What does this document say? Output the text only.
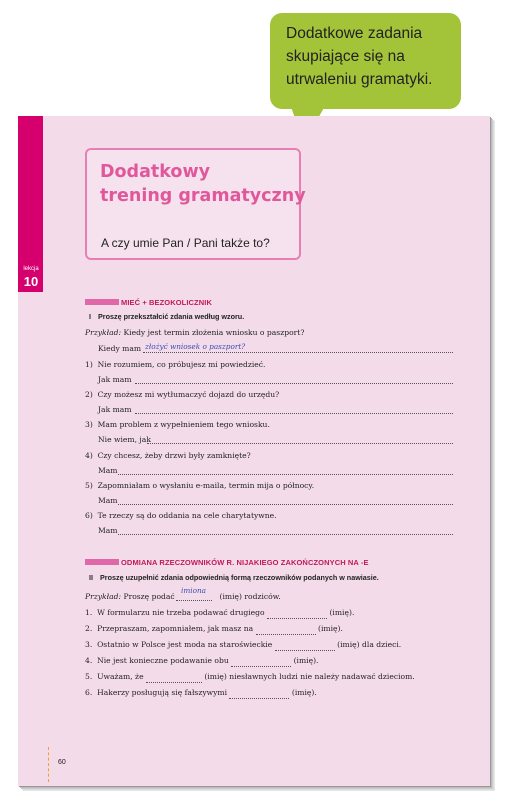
Dodatkowe zadania
skupiające się na
utrwaleniu gramatyki.
lekcja
10
Dodatkowy
trening gramatyczny
A czy umie Pan / Pani także to?
MIEĆ + BEZOKOLICZNIK
I Proszę przekształcić zdania według wzoru.
Przykład: Kiedy jest termin złożenia wniosku o paszport?
Kiedy mam złożyć wniosek o paszport?
1) Nie rozumiem, co próbujesz mi powiedzieć.
Jak mam
2) Czy możesz mi wytłumaczyć dojazd do urzędu?
Jak mam
3) Mam problem z wypełnieniem tego wniosku.
Nie wiem, jak
4) Czy chcesz, żeby drzwi były zamknięte?
Mam
5) Zapomniałam o wysłaniu e-maila, termin mija o północy.
Mam
6) Te rzeczy są do oddania na cele charytatywne.
Mam
ODMIANA RZECZOWNIKÓW R. NIJAKIEGO ZAKOŃCZONYCH NA -E
II Proszę uzupełnić zdania odpowiednią formą rzeczowników podanych w nawiasie.
Przykład: Proszę podać	(imię) rodziców.
imiona
1. W formularzu nie trzeba podawać drugiego	(imię).
2. Przepraszam, zapomniałem, jak masz na	(imię).
3. Ostatnio w Polsce jest moda na staroświeckie	(imię) dla dzieci.
4. Nie jest konieczne podawanie obu	(imię).
5. Uważam, że	(imię) niesławnych ludzi nie należy nadawać dzieciom.
6. Hakerzy posługują się fałszywymi	(imię).
60
